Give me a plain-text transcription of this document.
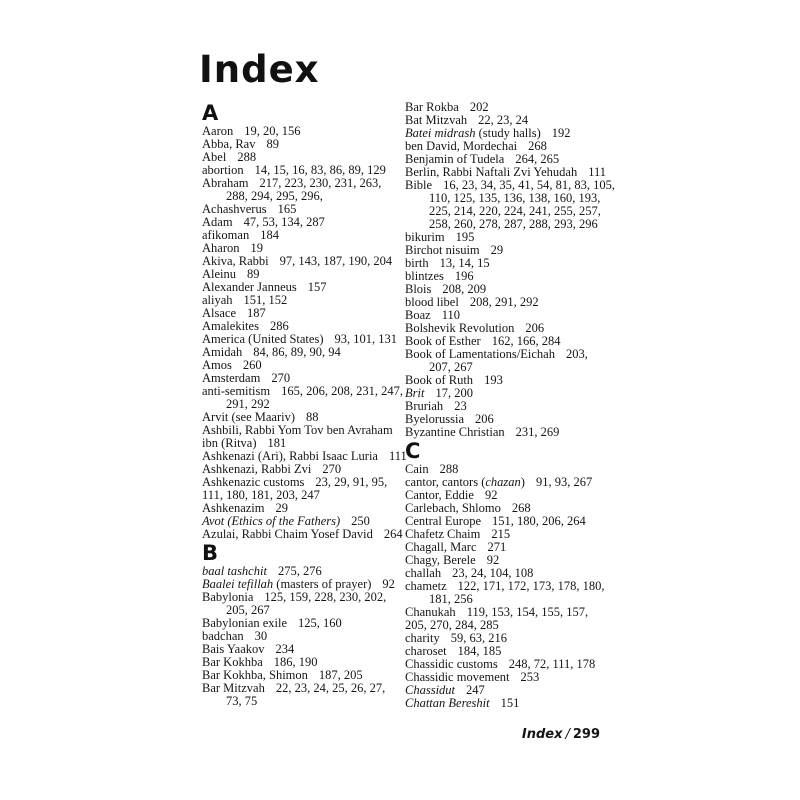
Index
A
Aaron 19, 20, 156
Abba, Rav 89
Abel 288
abortion 14, 15, 16, 83, 86, 89, 129
Abraham 217, 223, 230, 231, 263,
288, 294, 295, 296,
Achashverus 165
Adam 47, 53, 134, 287
afikoman 184
Aharon 19
Akiva, Rabbi 97, 143, 187, 190, 204
Aleinu 89
Alexander Janneus 157
aliyah 151, 152
Alsace 187
Amalekites 286
America (United States) 93, 101, 131
Amidah 84, 86, 89, 90, 94
Amos 260
Amsterdam 270
anti-semitism 165, 206, 208, 231, 247,
291, 292
Arvit (see Maariv) 88
Ashbili, Rabbi Yom Tov ben Avraham
ibn (Ritva) 181
Ashkenazi (Ari), Rabbi Isaac Luria 111
Ashkenazi, Rabbi Zvi 270
Ashkenazic customs 23, 29, 91, 95,
111, 180, 181, 203, 247
Ashkenazim 29
Avot (Ethics of the Fathers) 250
Azulai, Rabbi Chaim Yosef David 264
B
baal tashchit 275, 276
Baalei tefillah (masters of prayer) 92
Babylonia 125, 159, 228, 230, 202,
205, 267
Babylonian exile 125, 160
badchan 30
Bais Yaakov 234
Bar Kokhba 186, 190
Bar Kokhba, Shimon 187, 205
Bar Mitzvah 22, 23, 24, 25, 26, 27,
73, 75
Bar Rokba 202
Bat Mitzvah 22, 23, 24
Batei midrash (study halls) 192
ben David, Mordechai 268
Benjamin of Tudela 264, 265
Berlin, Rabbi Naftali Zvi Yehudah 111
Bible 16, 23, 34, 35, 41, 54, 81, 83, 105,
110, 125, 135, 136, 138, 160, 193,
225, 214, 220, 224, 241, 255, 257,
258, 260, 278, 287, 288, 293, 296
bikurim 195
Birchot nisuim 29
birth 13, 14, 15
blintzes 196
Blois 208, 209
blood libel 208, 291, 292
Boaz 110
Bolshevik Revolution 206
Book of Esther 162, 166, 284
Book of Lamentations/Eichah 203,
207, 267
Book of Ruth 193
Brit 17, 200
Bruriah 23
Byelorussia 206
Byzantine Christian 231, 269
C
Cain 288
cantor, cantors (chazan) 91, 93, 267
Cantor, Eddie 92
Carlebach, Shlomo 268
Central Europe 151, 180, 206, 264
Chafetz Chaim 215
Chagall, Marc 271
Chagy, Berele 92
challah 23, 24, 104, 108
chametz 122, 171, 172, 173, 178, 180,
181, 256
Chanukah 119, 153, 154, 155, 157,
205, 270, 284, 285
charity 59, 63, 216
charoset 184, 185
Chassidic customs 248, 72, 111, 178
Chassidic movement 253
Chassidut 247
Chattan Bereshit 151
Index / 299
